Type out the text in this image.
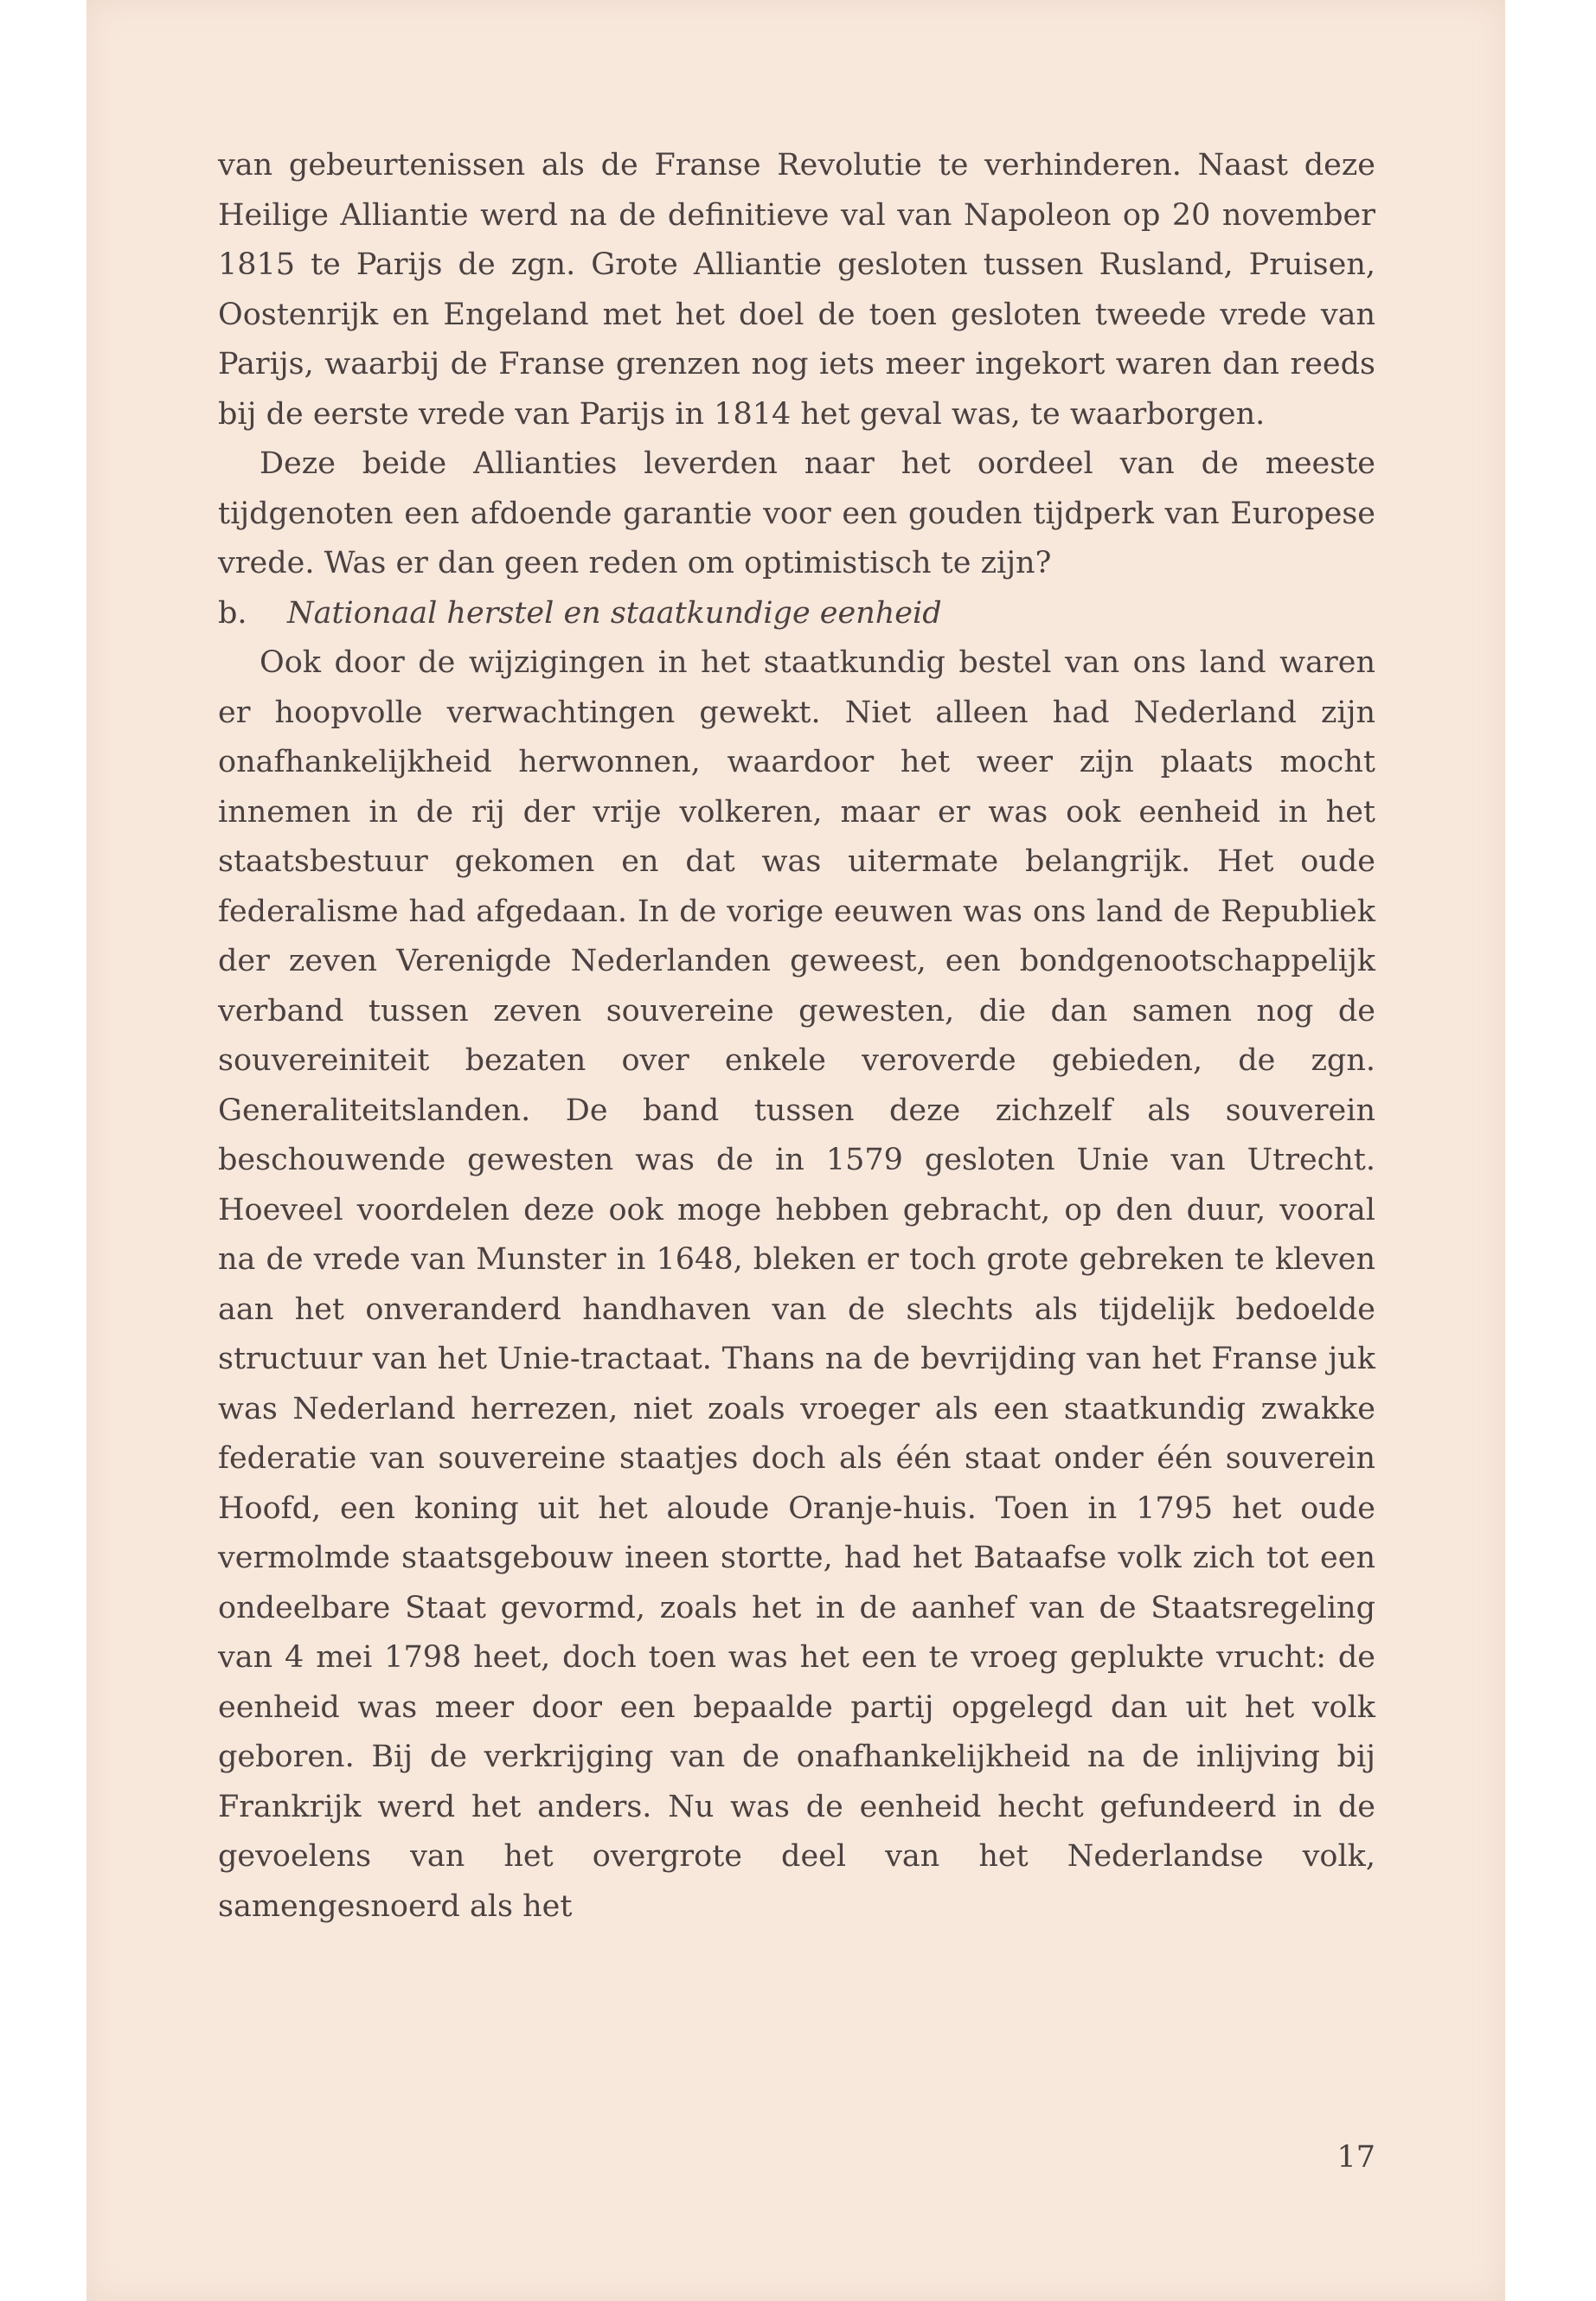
van gebeurtenissen als de Franse Revolutie te verhinderen. Naast deze Heilige Alliantie werd na de definitieve val van Napoleon op 20 november 1815 te Parijs de zgn. Grote Alliantie gesloten tussen Rusland, Pruisen, Oostenrijk en Engeland met het doel de toen gesloten tweede vrede van Parijs, waarbij de Franse grenzen nog iets meer ingekort waren dan reeds bij de eerste vrede van Parijs in 1814 het geval was, te waarborgen.

Deze beide Allianties leverden naar het oordeel van de meeste tijdgenoten een afdoende garantie voor een gouden tijdperk van Europese vrede. Was er dan geen reden om optimistisch te zijn?

b. Nationaal herstel en staatkundige eenheid

Ook door de wijzigingen in het staatkundig bestel van ons land waren er hoopvolle verwachtingen gewekt. Niet alleen had Nederland zijn onafhankelijkheid herwonnen, waardoor het weer zijn plaats mocht innemen in de rij der vrije volkeren, maar er was ook eenheid in het staatsbestuur gekomen en dat was uitermate belangrijk. Het oude federalisme had afgedaan. In de vorige eeuwen was ons land de Republiek der zeven Verenigde Nederlanden geweest, een bondgenootschappelijk verband tussen zeven souvereine gewesten, die dan samen nog de souvereiniteit bezaten over enkele veroverde gebieden, de zgn. Generaliteitslanden. De band tussen deze zichzelf als souverein beschouwende gewesten was de in 1579 gesloten Unie van Utrecht. Hoeveel voordelen deze ook moge hebben gebracht, op den duur, vooral na de vrede van Munster in 1648, bleken er toch grote gebreken te kleven aan het onveranderd handhaven van de slechts als tijdelijk bedoelde structuur van het Unie-tractaat. Thans na de bevrijding van het Franse juk was Nederland herrezen, niet zoals vroeger als een staatkundig zwakke federatie van souvereine staatjes doch als één staat onder één souverein Hoofd, een koning uit het aloude Oranje-huis. Toen in 1795 het oude vermolmde staatsgebouw ineen stortte, had het Bataafse volk zich tot een ondeelbare Staat gevormd, zoals het in de aanhef van de Staatsregeling van 4 mei 1798 heet, doch toen was het een te vroeg geplukte vrucht: de eenheid was meer door een bepaalde partij opgelegd dan uit het volk geboren. Bij de verkrijging van de onafhankelijkheid na de inlijving bij Frankrijk werd het anders. Nu was de eenheid hecht gefundeerd in de gevoelens van het overgrote deel van het Nederlandse volk, samengesnoerd als het

17
